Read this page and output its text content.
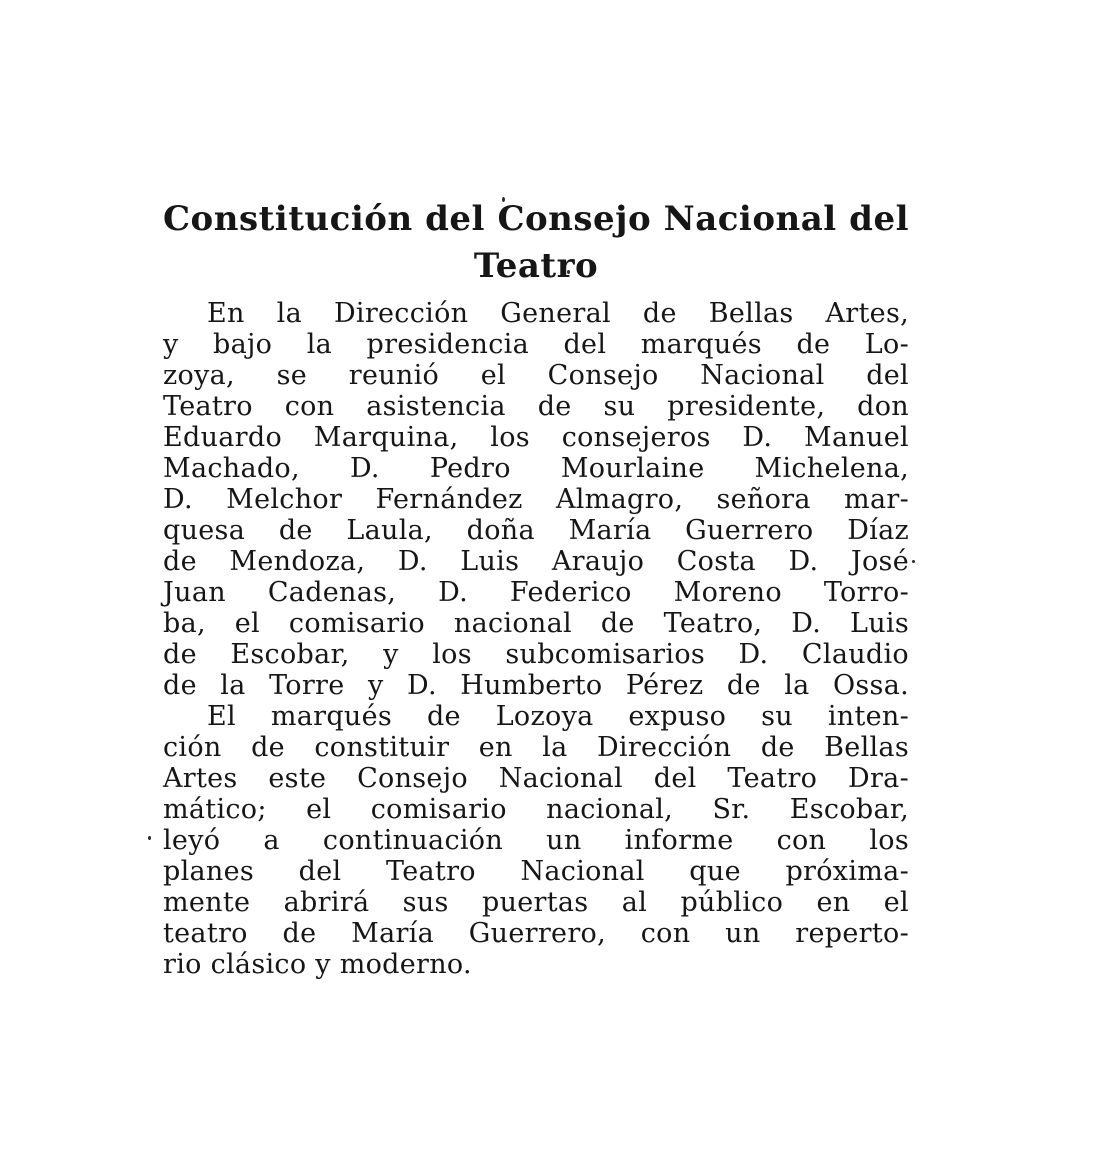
Constitución del Consejo Nacional del
Teatro
En la Dirección General de Bellas Artes,
y bajo la presidencia del marqués de Lo-
zoya, se reunió el Consejo Nacional del
Teatro con asistencia de su presidente, don
Eduardo Marquina, los consejeros D. Manuel
Machado, D. Pedro Mourlaine Michelena,
D. Melchor Fernández Almagro, señora mar-
quesa de Laula, doña María Guerrero Díaz
de Mendoza, D. Luis Araujo Costa D. José
Juan Cadenas, D. Federico Moreno Torro-
ba, el comisario nacional de Teatro, D. Luis
de Escobar, y los subcomisarios D. Claudio
de la Torre y D. Humberto Pérez de la Ossa.
El marqués de Lozoya expuso su inten-
ción de constituir en la Dirección de Bellas
Artes este Consejo Nacional del Teatro Dra-
mático; el comisario nacional, Sr. Escobar,
leyó a continuación un informe con los
planes del Teatro Nacional que próxima-
mente abrirá sus puertas al público en el
teatro de María Guerrero, con un reperto-
rio clásico y moderno.
